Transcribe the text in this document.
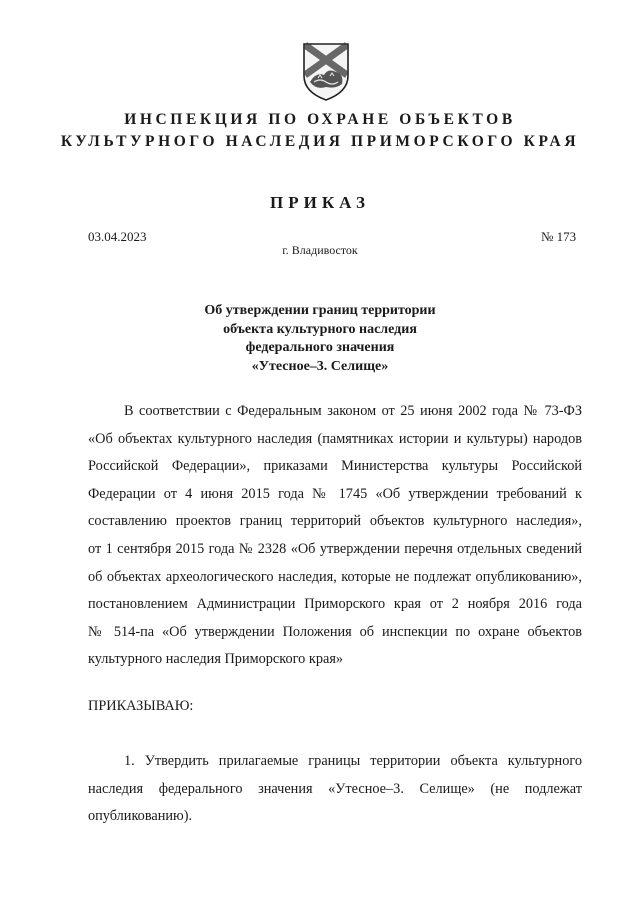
ИНСПЕКЦИЯ ПО ОХРАНЕ ОБЪЕКТОВ
КУЛЬТУРНОГО НАСЛЕДИЯ ПРИМОРСКОГО КРАЯ
ПРИКАЗ
03.04.2023	№ 173
г. Владивосток
Об утверждении границ территории
объекта культурного наследия
федерального значения
«Утесное–3. Селище»
В соответствии с Федеральным законом от 25 июня 2002 года № 73-ФЗ
«Об объектах культурного наследия (памятниках истории и культуры) народов
Российской Федерации», приказами Министерства культуры Российской
Федерации от 4 июня 2015 года № 1745 «Об утверждении требований к
составлению проектов границ территорий объектов культурного наследия»,
от 1 сентября 2015 года № 2328 «Об утверждении перечня отдельных сведений
об объектах археологического наследия, которые не подлежат опубликованию»,
постановлением Администрации Приморского края от 2 ноября 2016 года
№ 514-па «Об утверждении Положения об инспекции по охране объектов
культурного наследия Приморского края»
ПРИКАЗЫВАЮ:
1. Утвердить прилагаемые границы территории объекта культурного
наследия федерального значения «Утесное–3. Селище» (не подлежат
опубликованию).
